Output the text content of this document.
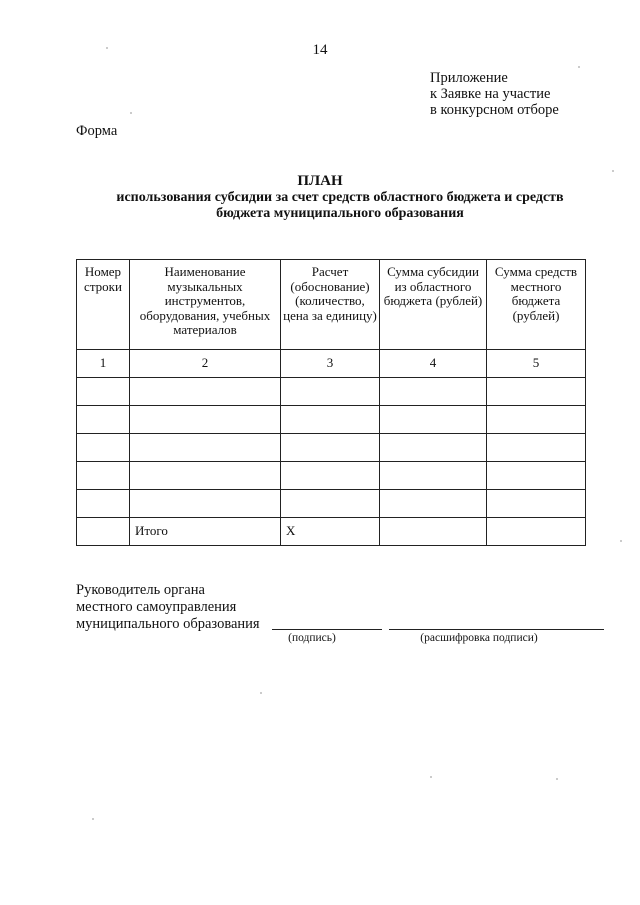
14
Приложение
к Заявке на участие
в конкурсном отборе
Форма
ПЛАН
использования субсидии за счет средств областного бюджета и средств бюджета муниципального образования
Номер строки	Наименование музыкальных инструментов, оборудования, учебных материалов	Расчет (обоснование) (количество, цена за единицу)	Сумма субсидии из областного бюджета (рублей)	Сумма средств местного бюджета (рублей)
1	2	3	4	5

	Итого	Х		
Руководитель органа
местного самоуправления
муниципального образования
(подпись)	(расшифровка подписи)
